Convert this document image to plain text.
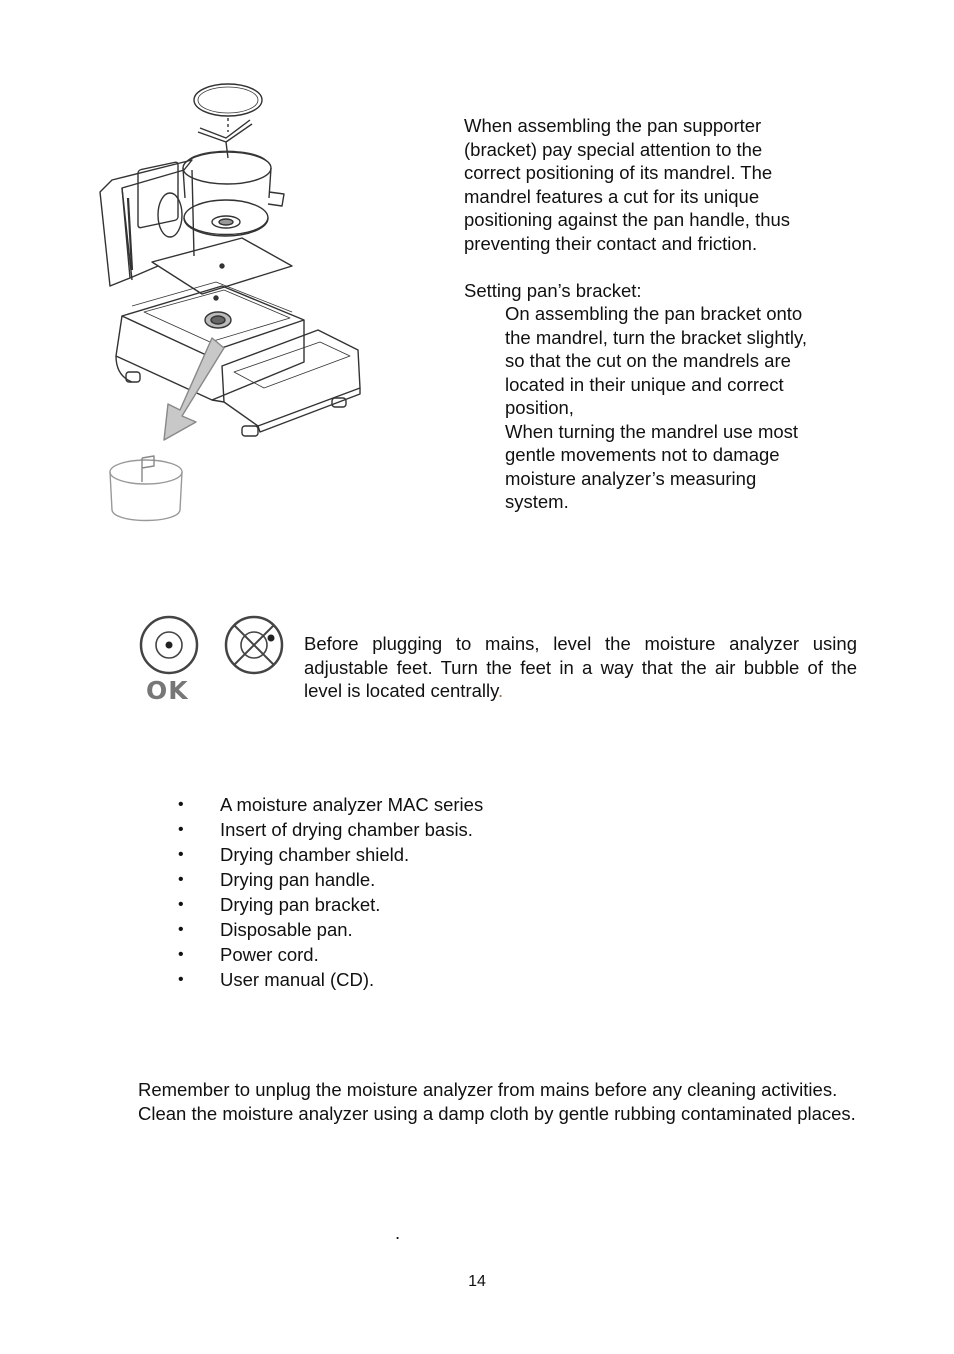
When assembling the pan supporter
(bracket) pay special attention to the
correct positioning of its mandrel. The
mandrel features a cut for its unique
positioning against the pan handle, thus
preventing their contact and friction.
Setting pan’s bracket:
On assembling the pan bracket onto
the mandrel, turn the bracket slightly,
so that the cut on the mandrels are
located in their unique and correct
position,
When turning the mandrel use most
gentle movements not to damage
moisture analyzer’s measuring
system.
OK

Before plugging to mains, level the moisture analyzer using adjustable feet. Turn the feet in a way that the air bubble of the level is located centrally.

• A moisture analyzer MAC series
• Insert of drying chamber basis.
• Drying chamber shield.
• Drying pan handle.
• Drying pan bracket.
• Disposable pan.
• Power cord.
• User manual (CD).

Remember to unplug the moisture analyzer from mains before any cleaning activities.

Clean the moisture analyzer using a damp cloth by gentle rubbing contaminated places.

.
14
